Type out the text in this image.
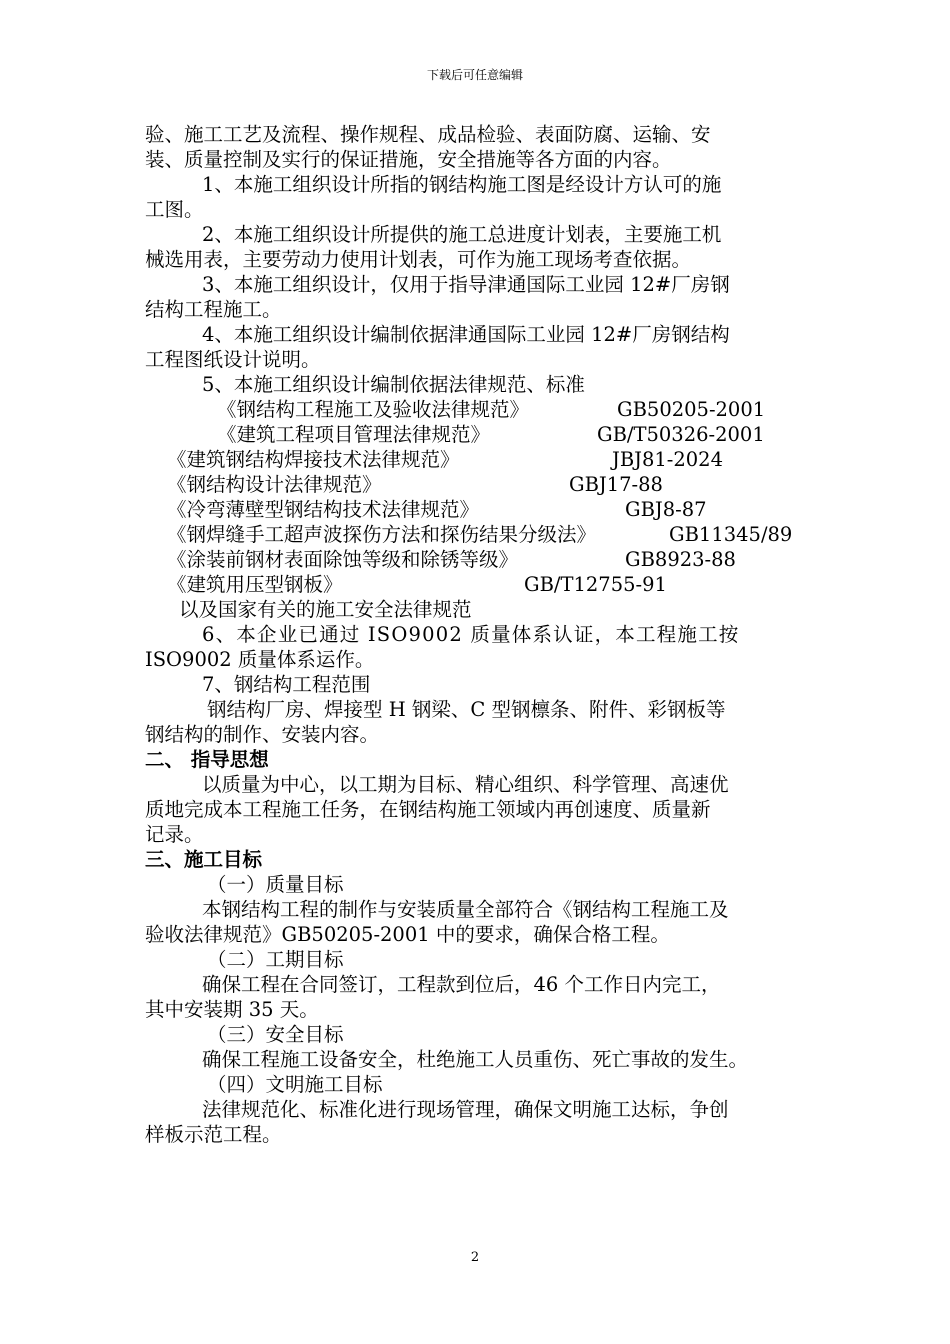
下载后可任意编辑

验、施工工艺及流程、操作规程、成品检验、表面防腐、运输、安

装、质量控制及实行的保证措施，安全措施等各方面的内容。

1、本施工组织设计所指的钢结构施工图是经设计方认可的施

工图。

2、本施工组织设计所提供的施工总进度计划表，主要施工机

械选用表，主要劳动力使用计划表，可作为施工现场考查依据。

3、本施工组织设计，仅用于指导津通国际工业园 12#厂房钢

结构工程施工。

4、本施工组织设计编制依据津通国际工业园 12#厂房钢结构

工程图纸设计说明。

5、本施工组织设计编制依据法律规范、标准

《钢结构工程施工及验收法律规范》	GB50205-2001
《建筑工程项目管理法律规范》	GB/T50326-2001
《建筑钢结构焊接技术法律规范》	JBJ81-2024
《钢结构设计法律规范》	GBJ17-88
《冷弯薄壁型钢结构技术法律规范》	GBJ8-87
《钢焊缝手工超声波探伤方法和探伤结果分级法》	GB11345/89
《涂装前钢材表面除蚀等级和除锈等级》	GB8923-88
《建筑用压型钢板》	GB/T12755-91

以及国家有关的施工安全法律规范

6、本企业已通过 ISO9002 质量体系认证，本工程施工按

ISO9002 质量体系运作。

7、钢结构工程范围

钢结构厂房、焊接型 H 钢梁、C 型钢檩条、附件、彩钢板等

钢结构的制作、安装内容。

二、 指导思想

以质量为中心，以工期为目标、精心组织、科学管理、高速优

质地完成本工程施工任务，在钢结构施工领域内再创速度、质量新

记录。

三、施工目标

（一）质量目标

本钢结构工程的制作与安装质量全部符合《钢结构工程施工及

验收法律规范》GB50205-2001 中的要求，确保合格工程。

（二）工期目标

确保工程在合同签订，工程款到位后，46 个工作日内完工，

其中安装期 35 天。

（三）安全目标

确保工程施工设备安全，杜绝施工人员重伤、死亡事故的发生。

（四）文明施工目标

法律规范化、标准化进行现场管理，确保文明施工达标，争创

样板示范工程。

2
